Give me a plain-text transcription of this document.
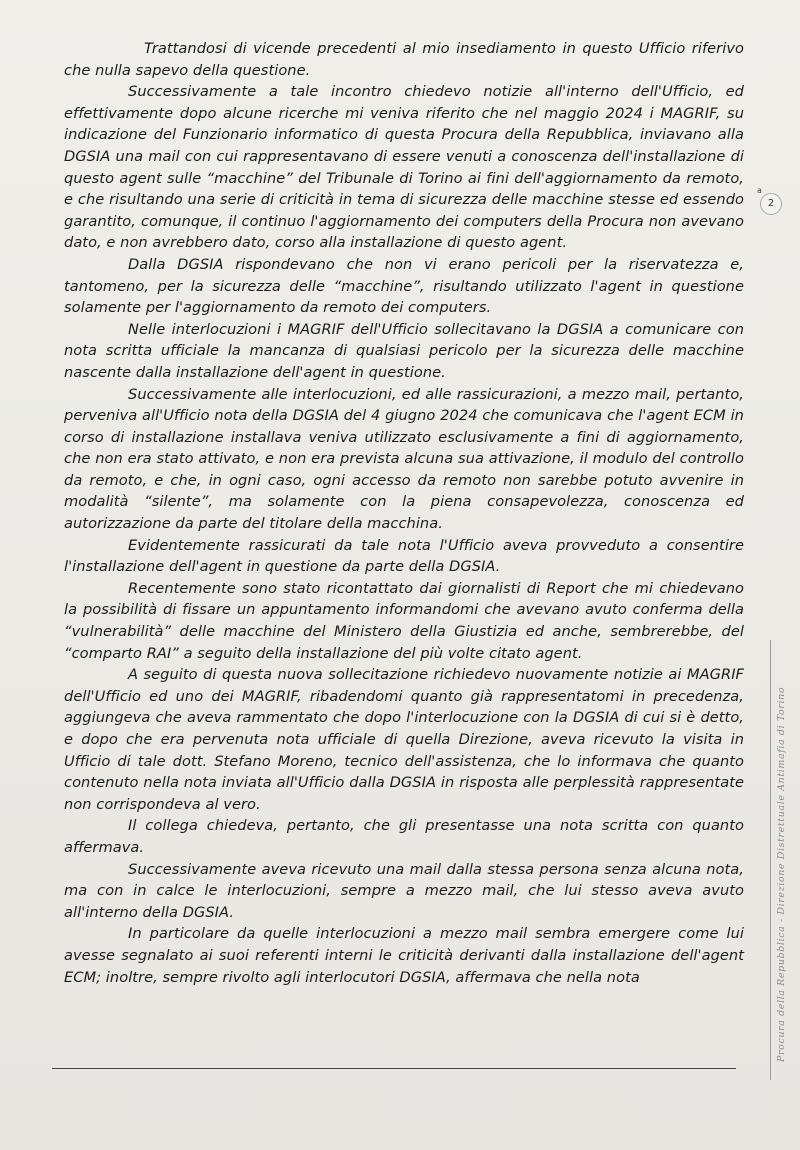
Trattandosi di vicende precedenti al mio insediamento in questo Ufficio riferivo che nulla sapevo della questione.

Successivamente a tale incontro chiedevo notizie all'interno dell'Ufficio, ed effettivamente dopo alcune ricerche mi veniva riferito che nel maggio 2024 i MAGRIF, su indicazione del Funzionario informatico di questa Procura della Repubblica, inviavano alla DGSIA una mail con cui rappresentavano di essere venuti a conoscenza dell'installazione di questo agent sulle “macchine” del Tribunale di Torino ai fini dell'aggiornamento da remoto, e che risultando una serie di criticità in tema di sicurezza delle macchine stesse ed essendo garantito, comunque, il continuo l'aggiornamento dei computers della Procura non avevano dato, e non avrebbero dato, corso alla installazione di questo agent.

Dalla DGSIA rispondevano che non vi erano pericoli per la riservatezza e, tantomeno, per la sicurezza delle “macchine”, risultando utilizzato l'agent in questione solamente per l'aggiornamento da remoto dei computers.

Nelle interlocuzioni i MAGRIF dell'Ufficio sollecitavano la DGSIA a comunicare con nota scritta ufficiale la mancanza di qualsiasi pericolo per la sicurezza delle macchine nascente dalla installazione dell'agent in questione.

Successivamente alle interlocuzioni, ed alle rassicurazioni, a mezzo mail, pertanto, perveniva all'Ufficio nota della DGSIA del 4 giugno 2024 che comunicava che l'agent ECM in corso di installazione installava veniva utilizzato esclusivamente a fini di aggiornamento, che non era stato attivato, e non era prevista alcuna sua attivazione, il modulo del controllo da remoto, e che, in ogni caso, ogni accesso da remoto non sarebbe potuto avvenire in modalità “silente”, ma solamente con la piena consapevolezza, conoscenza ed autorizzazione da parte del titolare della macchina.

Evidentemente rassicurati da tale nota l'Ufficio aveva provveduto a consentire l'installazione dell'agent in questione da parte della DGSIA.

Recentemente sono stato ricontattato dai giornalisti di Report che mi chiedevano la possibilità di fissare un appuntamento informandomi che avevano avuto conferma della “vulnerabilità” delle macchine del Ministero della Giustizia ed anche, sembrerebbe, del “comparto RAI” a seguito della installazione del più volte citato agent.

A seguito di questa nuova sollecitazione richiedevo nuovamente notizie ai MAGRIF dell'Ufficio ed uno dei MAGRIF, ribadendomi quanto già rappresentatomi in precedenza, aggiungeva che aveva rammentato che dopo l'interlocuzione con la DGSIA di cui si è detto, e dopo che era pervenuta nota ufficiale di quella Direzione, aveva ricevuto la visita in Ufficio di tale dott. Stefano Moreno, tecnico dell'assistenza, che lo informava che quanto contenuto nella nota inviata all'Ufficio dalla DGSIA in risposta alle perplessità rappresentate non corrispondeva al vero.

Il collega chiedeva, pertanto, che gli presentasse una nota scritta con quanto affermava.

Successivamente aveva ricevuto una mail dalla stessa persona senza alcuna nota, ma con in calce le interlocuzioni, sempre a mezzo mail, che lui stesso aveva avuto all'interno della DGSIA.

In particolare da quelle interlocuzioni a mezzo mail sembra emergere come lui avesse segnalato ai suoi referenti interni le criticità derivanti dalla installazione dell'agent ECM; inoltre, sempre rivolto agli interlocutori DGSIA, affermava che nella nota

a
2
Procura della Repubblica - Direzione Distrettuale Antimafia di Torino
